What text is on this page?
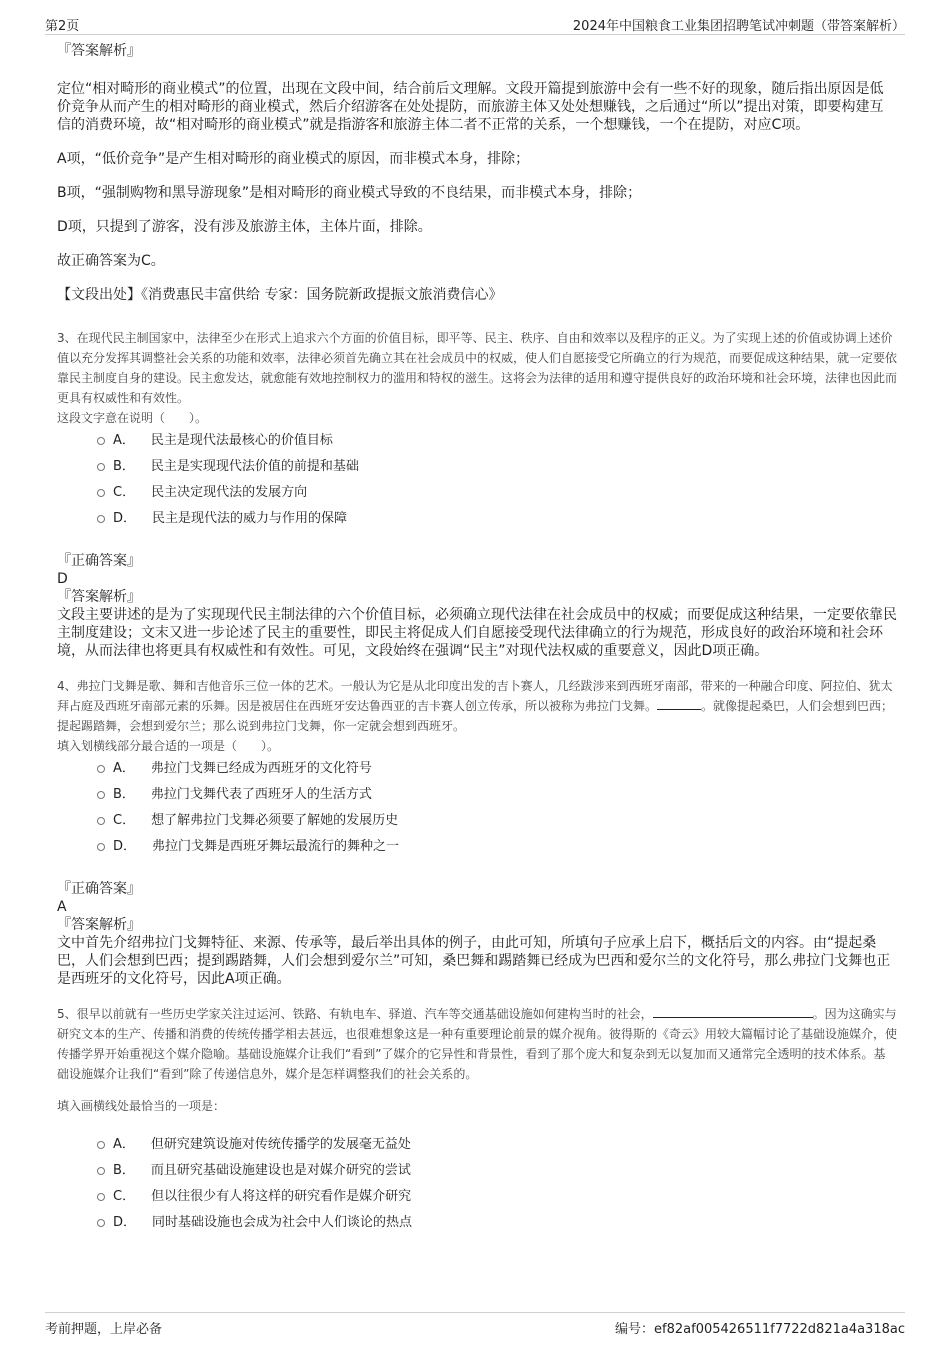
第2页	2024年中国粮食工业集团招聘笔试冲刺题（带答案解析）

『答案解析』

定位“相对畸形的商业模式”的位置，出现在文段中间，结合前后文理解。文段开篇提到旅游中会有一些不好的现象，随后指出原因是低价竞争从而产生的相对畸形的商业模式，然后介绍游客在处处提防，而旅游主体又处处想赚钱，之后通过“所以”提出对策，即要构建互信的消费环境，故“相对畸形的商业模式”就是指游客和旅游主体二者不正常的关系，一个想赚钱，一个在提防，对应C项。

A项，“低价竞争”是产生相对畸形的商业模式的原因，而非模式本身，排除；

B项，“强制购物和黑导游现象”是相对畸形的商业模式导致的不良结果，而非模式本身，排除；

D项，只提到了游客，没有涉及旅游主体，主体片面，排除。

故正确答案为C。

【文段出处】《消费惠民丰富供给 专家：国务院新政提振文旅消费信心》

3、在现代民主制国家中，法律至少在形式上追求六个方面的价值目标，即平等、民主、秩序、自由和效率以及程序的正义。为了实现上述的价值或协调上述价值以充分发挥其调整社会关系的功能和效率，法律必须首先确立其在社会成员中的权威，使人们自愿接受它所确立的行为规范，而要促成这种结果，就一定要依靠民主制度自身的建设。民主愈发达，就愈能有效地控制权力的滥用和特权的滋生。这将会为法律的适用和遵守提供良好的政治环境和社会环境，法律也因此而更具有权威性和有效性。

这段文字意在说明（　　）。

A． 民主是现代法最核心的价值目标
B． 民主是实现现代法价值的前提和基础
C． 民主决定现代法的发展方向
D． 民主是现代法的威力与作用的保障

『正确答案』

D

『答案解析』

文段主要讲述的是为了实现现代民主制法律的六个价值目标，必须确立现代法律在社会成员中的权威；而要促成这种结果，一定要依靠民主制度建设；文末又进一步论述了民主的重要性，即民主将促成人们自愿接受现代法律确立的行为规范，形成良好的政治环境和社会环境，从而法律也将更具有权威性和有效性。可见，文段始终在强调“民主”对现代法权威的重要意义，因此D项正确。

4、弗拉门戈舞是歌、舞和吉他音乐三位一体的艺术。一般认为它是从北印度出发的吉卜赛人，几经跋涉来到西班牙南部，带来的一种融合印度、阿拉伯、犹太拜占庭及西班牙南部元素的乐舞。因是被居住在西班牙安达鲁西亚的吉卡赛人创立传承，所以被称为弗拉门戈舞。	。就像提起桑巴，人们会想到巴西；提起踢踏舞，会想到爱尔兰；那么说到弗拉门戈舞，你一定就会想到西班牙。

填入划横线部分最合适的一项是（　　）。

A． 弗拉门戈舞已经成为西班牙的文化符号
B． 弗拉门戈舞代表了西班牙人的生活方式
C． 想了解弗拉门戈舞必须要了解她的发展历史
D． 弗拉门戈舞是西班牙舞坛最流行的舞种之一

『正确答案』

A

『答案解析』

文中首先介绍弗拉门戈舞特征、来源、传承等，最后举出具体的例子，由此可知，所填句子应承上启下，概括后文的内容。由“提起桑巴，人们会想到巴西；提到踢踏舞，人们会想到爱尔兰”可知，桑巴舞和踢踏舞已经成为巴西和爱尔兰的文化符号，那么弗拉门戈舞也正是西班牙的文化符号，因此A项正确。

5、很早以前就有一些历史学家关注过运河、铁路、有轨电车、驿道、汽车等交通基础设施如何建构当时的社会，	。因为这确实与研究文本的生产、传播和消费的传统传播学相去甚远，也很难想象这是一种有重要理论前景的媒介视角。彼得斯的《奇云》用较大篇幅讨论了基础设施媒介，使传播学界开始重视这个媒介隐喻。基础设施媒介让我们“看到”了媒介的它异性和背景性，看到了那个庞大和复杂到无以复加而又通常完全透明的技术体系。基础设施媒介让我们“看到”除了传递信息外，媒介是怎样调整我们的社会关系的。

填入画横线处最恰当的一项是：

A． 但研究建筑设施对传统传播学的发展毫无益处
B． 而且研究基础设施建设也是对媒介研究的尝试
C． 但以往很少有人将这样的研究看作是媒介研究
D． 同时基础设施也会成为社会中人们谈论的热点
考前押题，上岸必备	编号：ef82af005426511f7722d821a4a318ac
